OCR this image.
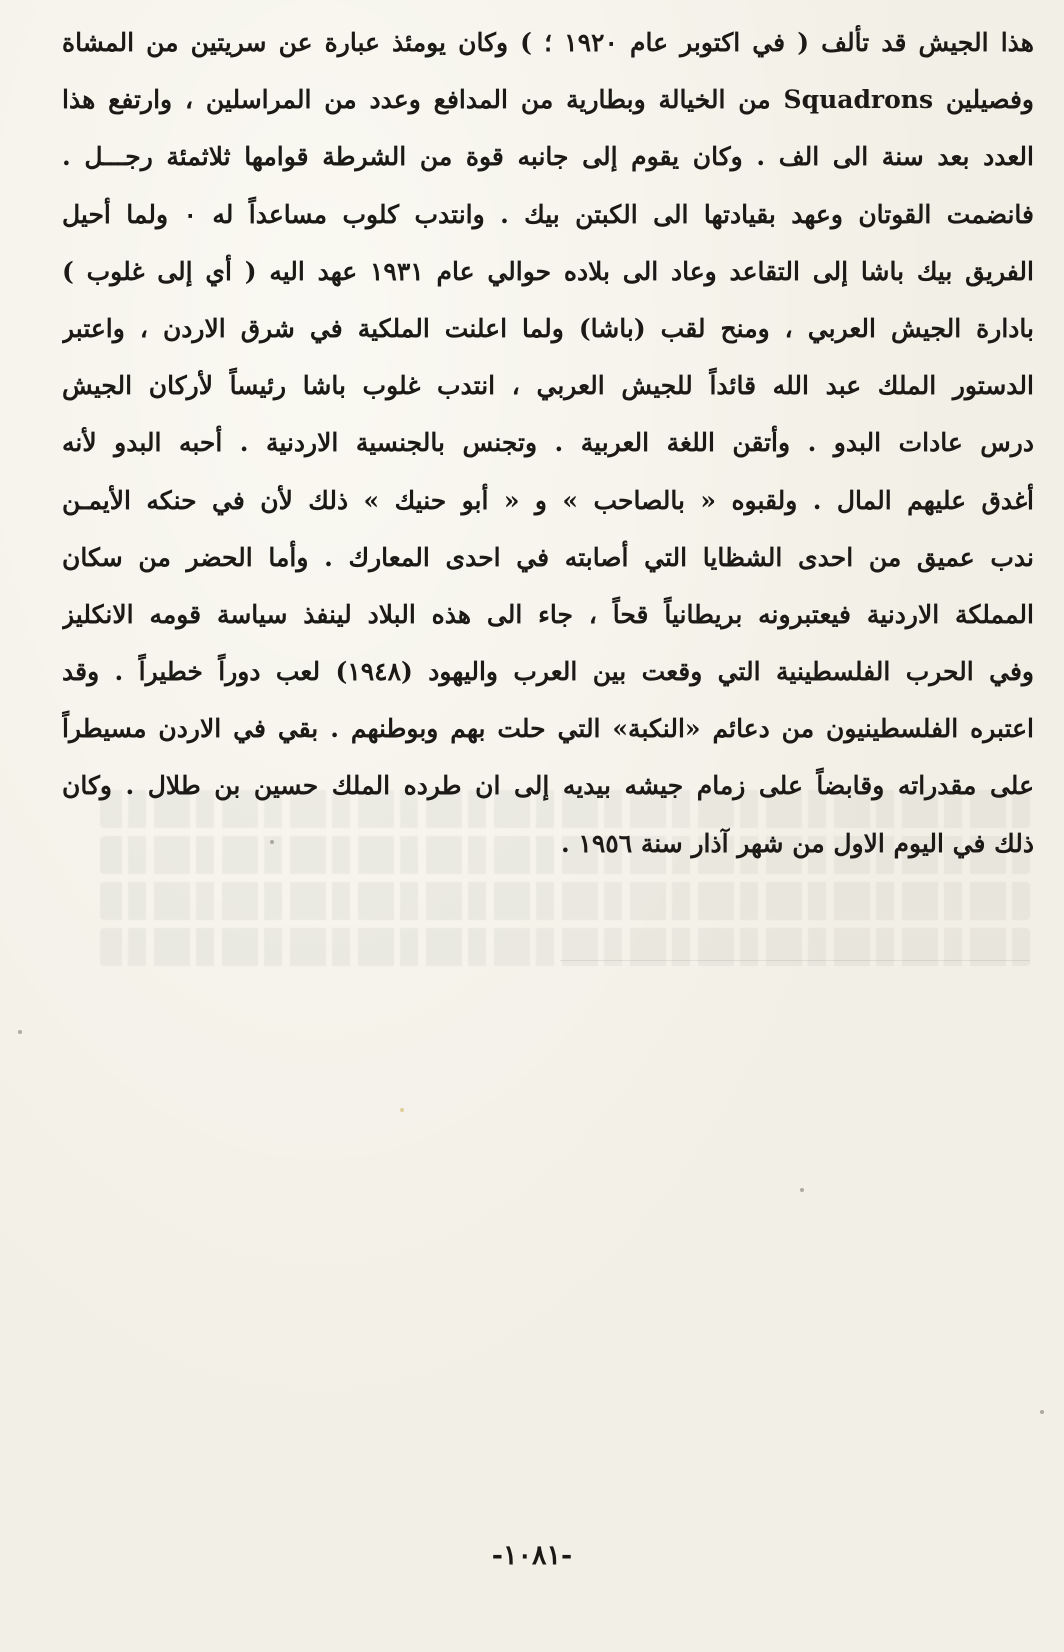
هذا الجيش قد تألف ( في اكتوبر عام ١٩٢٠ ؛ ) وكان يومئذ عبارة عن سريتين من المشاة
وفصيلين Squadrons من الخيالة وبطارية من المدافع وعدد من المراسلين ، وارتفع هذا
العدد بعد سنة الى الف . وكان يقوم إلى جانبه قوة من الشرطة قوامها ثلاثمئة رجـــل .
فانضمت القوتان وعهد بقيادتها الى الكبتن بيك . وانتدب كلوب مساعداً له ٠ ولما أحيل
الفريق بيك باشا إلى التقاعد وعاد الى بلاده حوالي عام ١٩٣١ عهد اليه ( أي إلى غلوب )
بادارة الجيش العربي ، ومنح لقب (باشا) ولما اعلنت الملكية في شرق الاردن ، واعتبر
الدستور الملك عبد الله قائداً للجيش العربي ، انتدب غلوب باشا رئيساً لأركان الجيش
درس عادات البدو . وأتقن اللغة العربية . وتجنس بالجنسية الاردنية . أحبه البدو لأنه
أغدق عليهم المال . ولقبوه « بالصاحب » و « أبو حنيك » ذلك لأن في حنكه الأيمـن
ندب عميق من احدى الشظايا التي أصابته في احدى المعارك . وأما الحضر من سكان
المملكة الاردنية فيعتبرونه بريطانياً قحاً ، جاء الى هذه البلاد لينفذ سياسة قومه الانكليز
وفي الحرب الفلسطينية التي وقعت بين العرب واليهود (١٩٤٨) لعب دوراً خطيراً . وقد
اعتبره الفلسطينيون من دعائم «النكبة» التي حلت بهم وبوطنهم . بقي في الاردن مسيطراً
على مقدراته وقابضاً على زمام جيشه بيديه إلى ان طرده الملك حسين بن طلال . وكان
ذلك في اليوم الاول من شهر آذار سنة ١٩٥٦ .
-١٠٨١-
